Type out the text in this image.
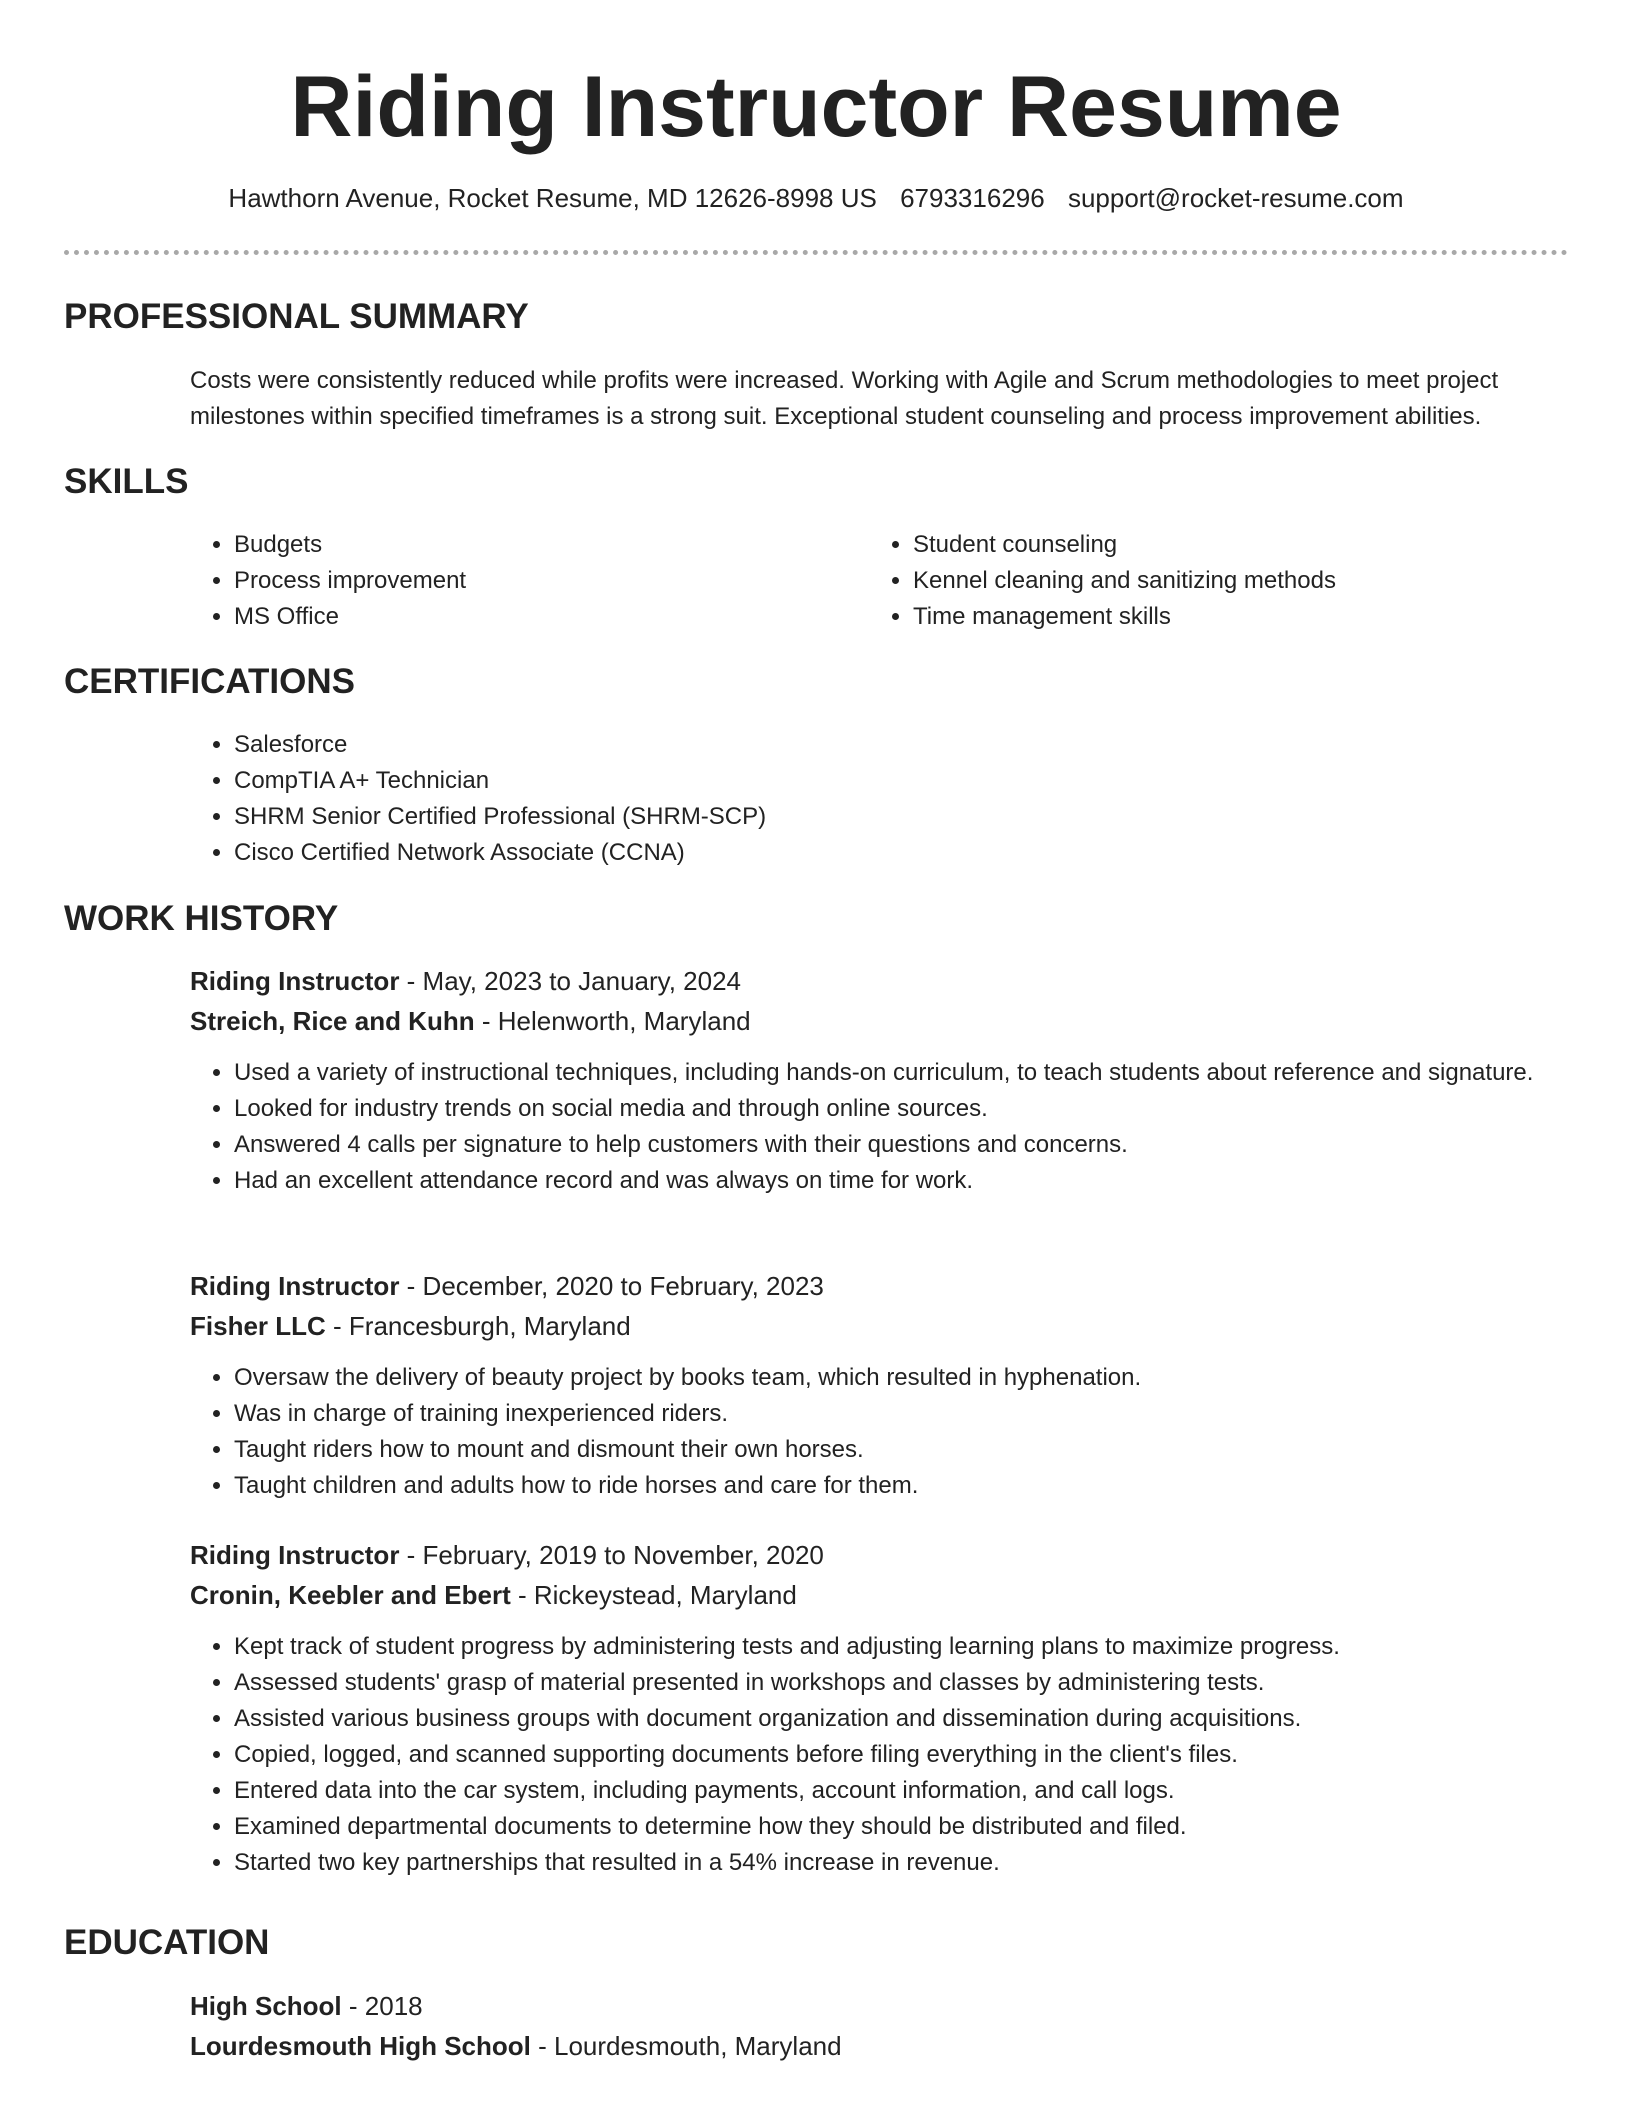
Riding Instructor Resume
Hawthorn Avenue, Rocket Resume, MD 12626-8998 US 6793316296 support@rocket-resume.com
PROFESSIONAL SUMMARY

Costs were consistently reduced while profits were increased. Working with Agile and Scrum methodologies to meet project milestones within specified timeframes is a strong suit. Exceptional student counseling and process improvement abilities.

SKILLS
• Budgets
• Process improvement
• MS Office
• Student counseling
• Kennel cleaning and sanitizing methods
• Time management skills
CERTIFICATIONS
• Salesforce
• CompTIA A+ Technician
• SHRM Senior Certified Professional (SHRM-SCP)
• Cisco Certified Network Associate (CCNA)
WORK HISTORY

Riding Instructor - May, 2023 to January, 2024

Streich, Rice and Kuhn - Helenworth, Maryland

• Used a variety of instructional techniques, including hands-on curriculum, to teach students about reference and signature.
• Looked for industry trends on social media and through online sources.
• Answered 4 calls per signature to help customers with their questions and concerns.
• Had an excellent attendance record and was always on time for work.

Riding Instructor - December, 2020 to February, 2023

Fisher LLC - Francesburgh, Maryland

• Oversaw the delivery of beauty project by books team, which resulted in hyphenation.
• Was in charge of training inexperienced riders.
• Taught riders how to mount and dismount their own horses.
• Taught children and adults how to ride horses and care for them.

Riding Instructor - February, 2019 to November, 2020

Cronin, Keebler and Ebert - Rickeystead, Maryland

• Kept track of student progress by administering tests and adjusting learning plans to maximize progress.
• Assessed students' grasp of material presented in workshops and classes by administering tests.
• Assisted various business groups with document organization and dissemination during acquisitions.
• Copied, logged, and scanned supporting documents before filing everything in the client's files.
• Entered data into the car system, including payments, account information, and call logs.
• Examined departmental documents to determine how they should be distributed and filed.
• Started two key partnerships that resulted in a 54% increase in revenue.
EDUCATION

High School - 2018

Lourdesmouth High School - Lourdesmouth, Maryland
